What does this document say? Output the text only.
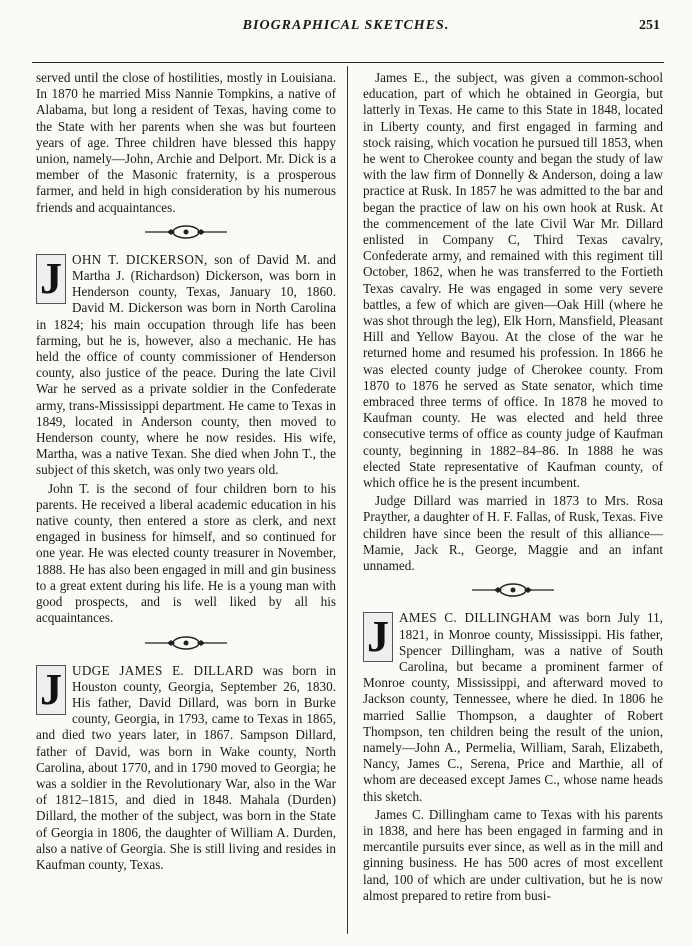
BIOGRAPHICAL SKETCHES.	251

served until the close of hostilities, mostly in Louisiana. In 1870 he married Miss Nannie Tompkins, a native of Alabama, but long a resident of Texas, having come to the State with her parents when she was but fourteen years of age. Three children have blessed this happy union, namely—John, Archie and Delport. Mr. Dick is a member of the Masonic fraternity, is a prosperous farmer, and held in high consideration by his numerous friends and acquaintances.

J OHN T. DICKERSON, son of David M. and Martha J. (Richardson) Dickerson, was born in Henderson county, Texas, January 10, 1860. David M. Dickerson was born in North Carolina in 1824; his main occupation through life has been farming, but he is, however, also a mechanic. He has held the office of county commissioner of Henderson county, also justice of the peace. During the late Civil War he served as a private soldier in the Confederate army, trans-Mississippi department. He came to Texas in 1849, located in Anderson county, then moved to Henderson county, where he now resides. His wife, Martha, was a native Texan. She died when John T., the subject of this sketch, was only two years old.

John T. is the second of four children born to his parents. He received a liberal academic education in his native county, then entered a store as clerk, and next engaged in business for himself, and so continued for one year. He was elected county treasurer in November, 1888. He has also been engaged in mill and gin business to a great extent during his life. He is a young man with good prospects, and is well liked by all his acquaintances.

J UDGE JAMES E. DILLARD was born in Houston county, Georgia, September 26, 1830. His father, David Dillard, was born in Burke county, Georgia, in 1793, came to Texas in 1865, and died two years later, in 1867. Sampson Dillard, father of David, was born in Wake county, North Carolina, about 1770, and in 1790 moved to Georgia; he was a soldier in the Revolutionary War, also in the War of 1812–1815, and died in 1848. Mahala (Durden) Dillard, the mother of the subject, was born in the State of Georgia in 1806, the daughter of William A. Durden, also a native of Georgia. She is still living and resides in Kaufman county, Texas.

James E., the subject, was given a common-school education, part of which he obtained in Georgia, but latterly in Texas. He came to this State in 1848, located in Liberty county, and first engaged in farming and stock raising, which vocation he pursued till 1853, when he went to Cherokee county and began the study of law with the law firm of Donnelly & Anderson, doing a law practice at Rusk. In 1857 he was admitted to the bar and began the practice of law on his own hook at Rusk. At the commencement of the late Civil War Mr. Dillard enlisted in Company C, Third Texas cavalry, Confederate army, and remained with this regiment till October, 1862, when he was transferred to the Fortieth Texas cavalry. He was engaged in some very severe battles, a few of which are given—Oak Hill (where he was shot through the leg), Elk Horn, Mansfield, Pleasant Hill and Yellow Bayou. At the close of the war he returned home and resumed his profession. In 1866 he was elected county judge of Cherokee county. From 1870 to 1876 he served as State senator, which time embraced three terms of office. In 1878 he moved to Kaufman county. He was elected and held three consecutive terms of office as county judge of Kaufman county, beginning in 1882–84–86. In 1888 he was elected State representative of Kaufman county, of which office he is the present incumbent.

Judge Dillard was married in 1873 to Mrs. Rosa Prayther, a daughter of H. F. Fallas, of Rusk, Texas. Five children have since been the result of this alliance—Mamie, Jack R., George, Maggie and an infant unnamed.

J AMES C. DILLINGHAM was born July 11, 1821, in Monroe county, Mississippi. His father, Spencer Dillingham, was a native of South Carolina, but became a prominent farmer of Monroe county, Mississippi, and afterward moved to Jackson county, Tennessee, where he died. In 1806 he married Sallie Thompson, a daughter of Robert Thompson, ten children being the result of the union, namely—John A., Permelia, William, Sarah, Elizabeth, Nancy, James C., Serena, Price and Marthie, all of whom are deceased except James C., whose name heads this sketch.

James C. Dillingham came to Texas with his parents in 1838, and here has been engaged in farming and in mercantile pursuits ever since, as well as in the mill and ginning business. He has 500 acres of most excellent land, 100 of which are under cultivation, but he is now almost prepared to retire from busi-
